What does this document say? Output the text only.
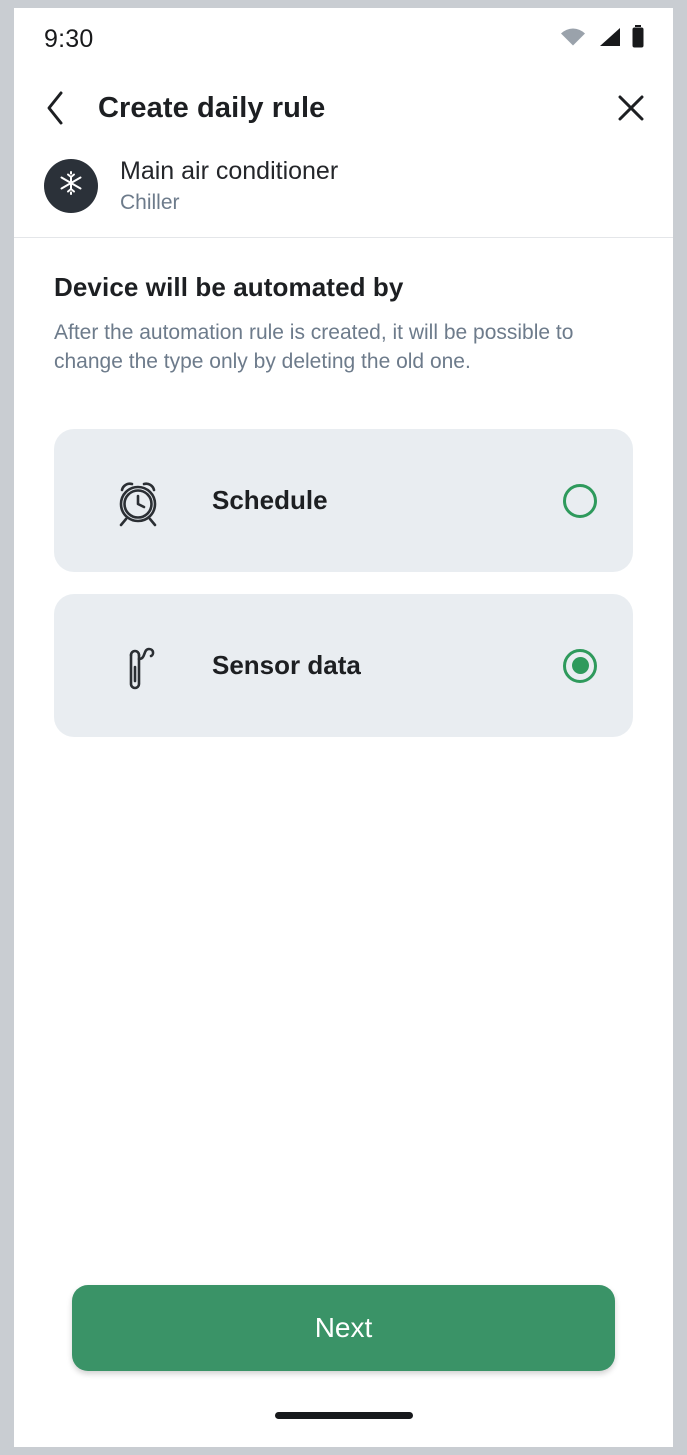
9:30
Create daily rule
Main air conditioner
Chiller
Device will be automated by
After the automation rule is created, it will be possible to change the type only by deleting the old one.
Schedule
Sensor data
Next
